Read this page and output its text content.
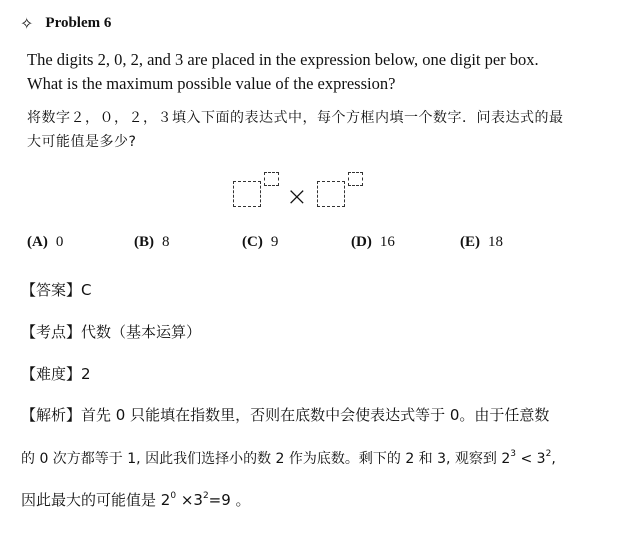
✧ Problem 6
The digits 2, 0, 2, and 3 are placed in the expression below, one digit per box.
What is the maximum possible value of the expression?
将数字２，０，２，３填入下面的表达式中，每个方框内填一个数字．问表达式的最
大可能值是多少?
×
(A) 0	(B) 8	(C) 9	(D) 16	(E) 18
【答案】C
【考点】代数（基本运算）
【难度】2
【解析】首先 0 只能填在指数里，否则在底数中会使表达式等于 0。由于任意数
的 0 次方都等于 1, 因此我们选择小的数 2 作为底数。剩下的 2 和 3, 观察到 $2^3 < 3^2$,
因此最大的可能值是 $2^0 \times 3^2=9$ 。
